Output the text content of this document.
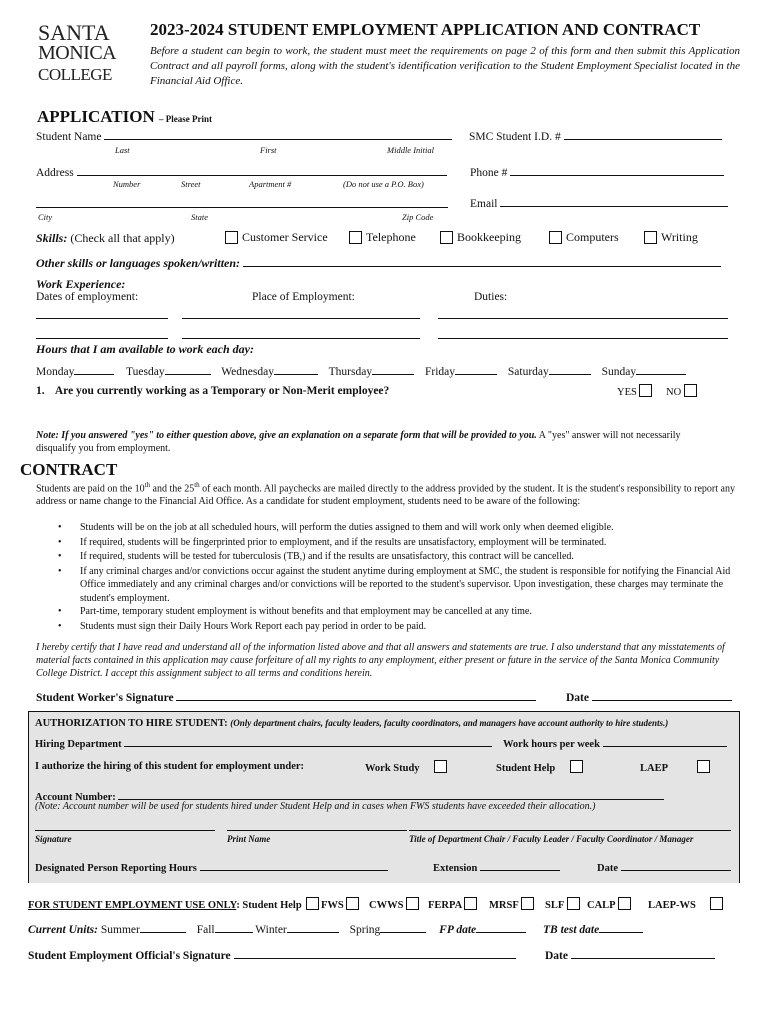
SANTA
MONICA
COLLEGE
2023-2024 STUDENT EMPLOYMENT APPLICATION AND CONTRACT
Before a student can begin to work, the student must meet the requirements on page 2 of this form and then submit this Application Contract and all payroll forms, along with the student's identification verification to the Student Employment Specialist located in the Financial Aid Office.
APPLICATION – Please Print
Student Name	SMC Student I.D. #
Last	First	Middle Initial
Address	Phone #
Number	Street	Apartment #	(Do not use a P.O. Box)
Email
City	State	Zip Code
Skills: (Check all that apply)	Customer Service	Telephone	Bookkeeping	Computers	Writing
Other skills or languages spoken/written:
Work Experience:
Dates of employment:	Place of Employment:	Duties:
Hours that I am available to work each day:
Monday	Tuesday	Wednesday	Thursday	Friday	Saturday	Sunday
1. Are you currently working as a Temporary or Non-Merit employee?	YES	NO
Note: If you answered "yes" to either question above, give an explanation on a separate form that will be provided to you. A "yes" answer will not necessarily disqualify you from employment.
CONTRACT
Students are paid on the 10th and the 25th of each month. All paychecks are mailed directly to the address provided by the student. It is the student's responsibility to report any address or name change to the Financial Aid Office. As a candidate for student employment, students need to be aware of the following:
• Students will be on the job at all scheduled hours, will perform the duties assigned to them and will work only when deemed eligible.
• If required, students will be fingerprinted prior to employment, and if the results are unsatisfactory, employment will be terminated.
• If required, students will be tested for tuberculosis (TB,) and if the results are unsatisfactory, this contract will be cancelled.
• If any criminal charges and/or convictions occur against the student anytime during employment at SMC, the student is responsible for notifying the Financial Aid Office immediately and any criminal charges and/or convictions will be reported to the student's supervisor. Upon investigation, these charges may terminate the student's employment.
• Part-time, temporary student employment is without benefits and that employment may be cancelled at any time.
• Students must sign their Daily Hours Work Report each pay period in order to be paid.
I hereby certify that I have read and understand all of the information listed above and that all answers and statements are true. I also understand that any misstatements of material facts contained in this application may cause forfeiture of all my rights to any employment, either present or future in the service of the Santa Monica Community College District. I accept this assignment subject to all terms and conditions herein.
Student Worker's Signature	Date
AUTHORIZATION TO HIRE STUDENT: (Only department chairs, faculty leaders, faculty coordinators, and managers have account authority to hire students.)
Hiring Department	Work hours per week
I authorize the hiring of this student for employment under:	Work Study	Student Help	LAEP
Account Number:
(Note: Account number will be used for students hired under Student Help and in cases when FWS students have exceeded their allocation.)
Signature	Print Name	Title of Department Chair / Faculty Leader / Faculty Coordinator / Manager
Designated Person Reporting Hours	Extension	Date
FOR STUDENT EMPLOYMENT USE ONLY: Student Help	FWS	CWWS	FERPA	MRSF	SLF	CALP	LAEP-WS
Current Units: Summer	Fall	Winter	Spring	FP date	TB test date
Student Employment Official's Signature	Date
